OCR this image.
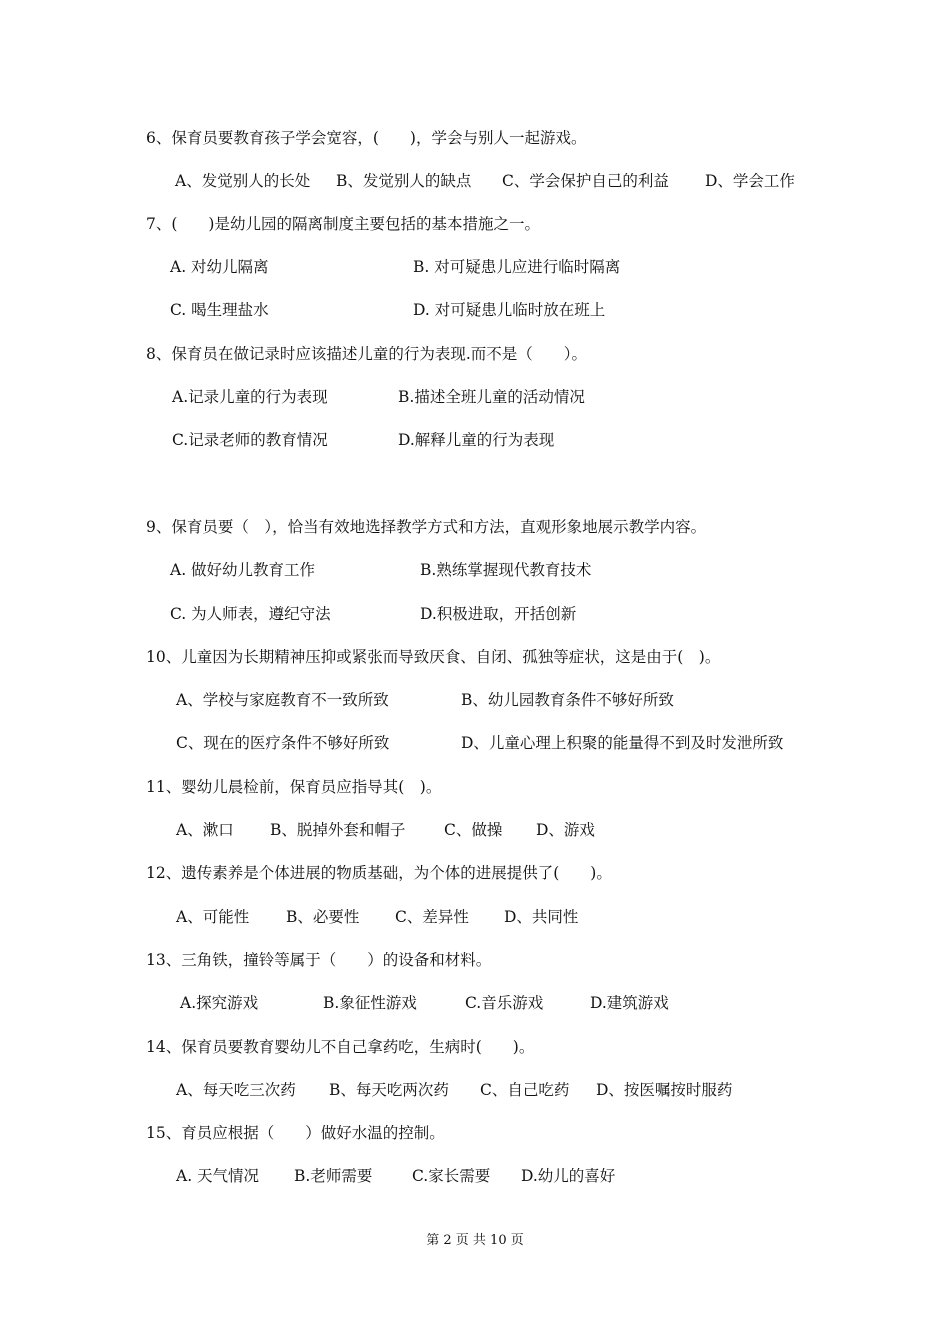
6、保育员要教育孩子学会宽容，(　　)，学会与别人一起游戏。
A、发觉别人的长处 B、发觉别人的缺点 C、学会保护自己的利益 D、学会工作
7、(　　)是幼儿园的隔离制度主要包括的基本措施之一。
A. 对幼儿隔离	B. 对可疑患儿应进行临时隔离
C. 喝生理盐水	D. 对可疑患儿临时放在班上
8、保育员在做记录时应该描述儿童的行为表现.而不是（　　）。
A.记录儿童的行为表现	B.描述全班儿童的活动情况
C.记录老师的教育情况	D.解释儿童的行为表现
9、保育员要（　），恰当有效地选择教学方式和方法，直观形象地展示教学内容。
A. 做好幼儿教育工作	B.熟练掌握现代教育技术
C. 为人师表，遵纪守法	D.积极进取，开括创新
10、儿童因为长期精神压抑或紧张而导致厌食、自闭、孤独等症状，这是由于(　)。
A、学校与家庭教育不一致所致	B、幼儿园教育条件不够好所致
C、现在的医疗条件不够好所致	D、儿童心理上积聚的能量得不到及时发泄所致
11、婴幼儿晨检前，保育员应指导其(　)。
A、漱口 B、脱掉外套和帽子 C、做操 D、游戏
12、遗传素养是个体进展的物质基础，为个体的进展提供了(　　)。
A、可能性 B、必要性 C、差异性 D、共同性
13、三角铁，撞铃等属于（　　）的设备和材料。
A.探究游戏	B.象征性游戏	C.音乐游戏	D.建筑游戏
14、保育员要教育婴幼儿不自己拿药吃，生病时(　　)。
A、每天吃三次药 B、每天吃两次药 C、自己吃药 D、按医嘱按时服药
15、育员应根据（　　）做好水温的控制。
A. 天气情况 B.老师需要	C.家长需要 D.幼儿的喜好
第 2 页 共 10 页
